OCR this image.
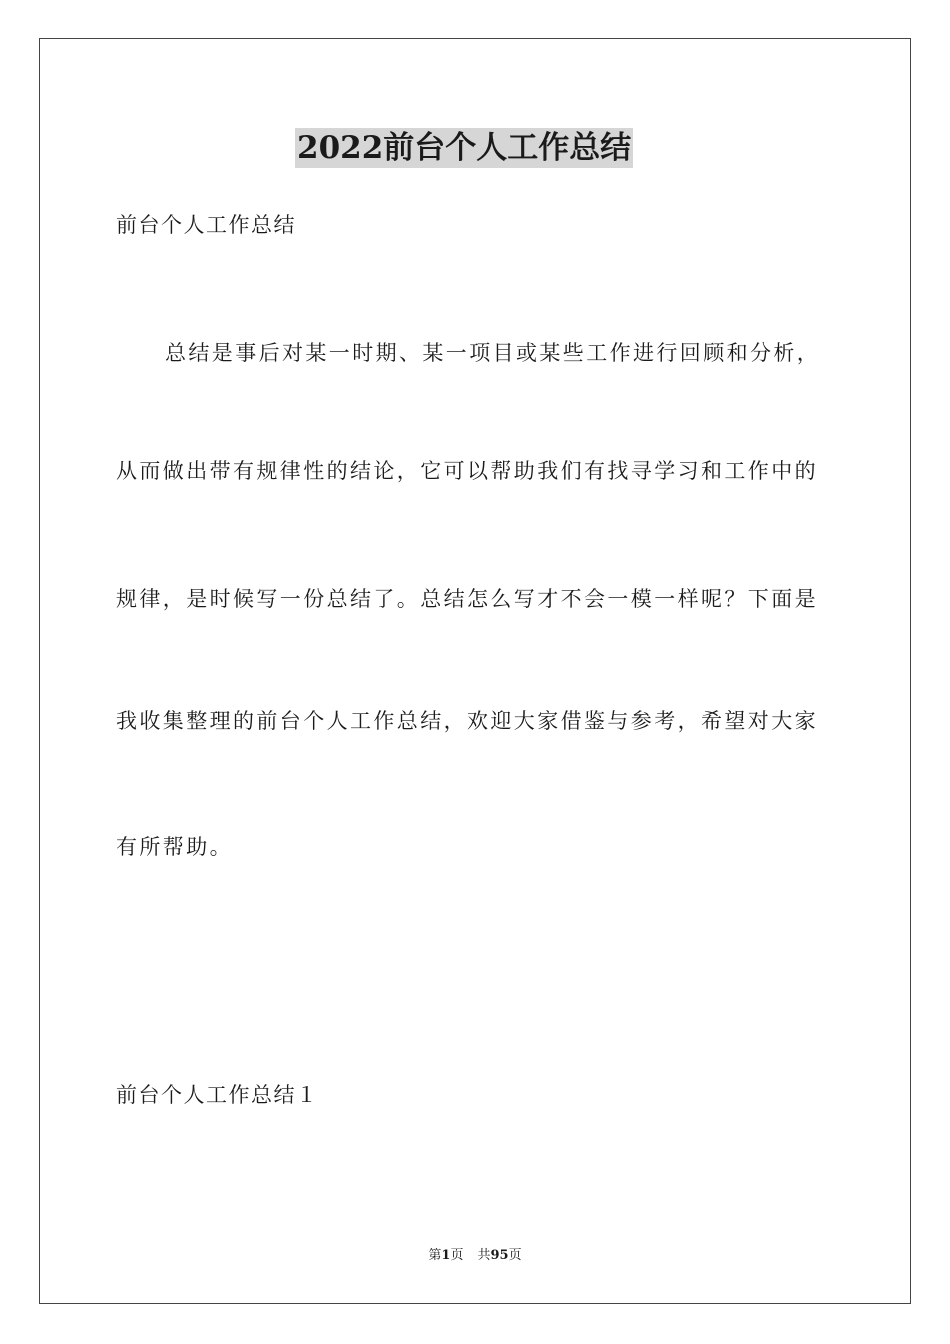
2022前台个人工作总结
前台个人工作总结
总结是事后对某一时期、某一项目或某些工作进行回顾和分析，
从而做出带有规律性的结论，它可以帮助我们有找寻学习和工作中的
规律，是时候写一份总结了。总结怎么写才不会一模一样呢？下面是
我收集整理的前台个人工作总结，欢迎大家借鉴与参考，希望对大家
有所帮助。
前台个人工作总结１
第1页 共95页
